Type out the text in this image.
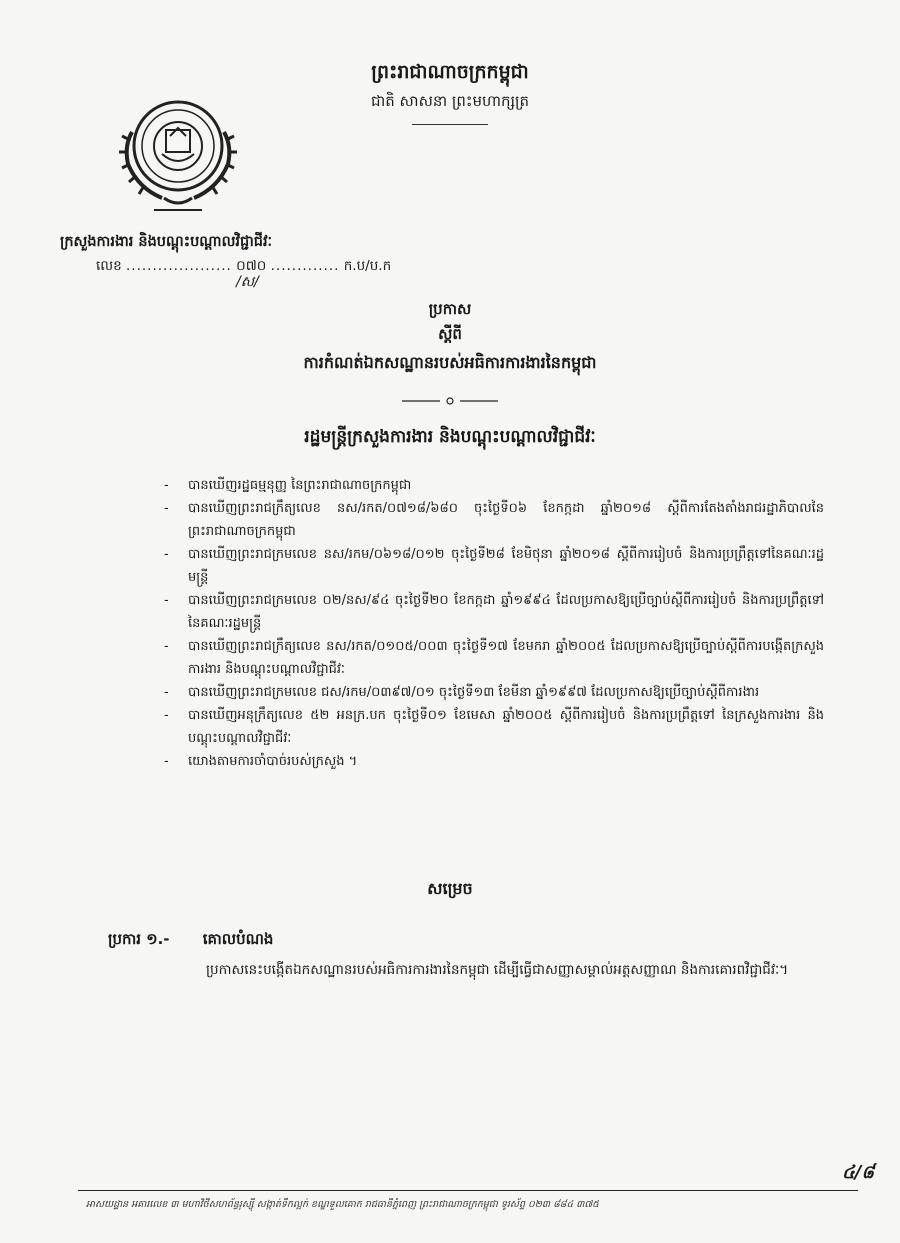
ព្រះរាជាណាចក្រកម្ពុជា
ជាតិ សាសនា ព្រះមហាក្សត្រ
ក្រសួងការងារ និងបណ្តុះបណ្តាលវិជ្ជាជីវៈ
លេខ .................... ០៧០ ............. ក.ប/ប.ក
/ស/
ប្រកាស
ស្តីពី
ការកំណត់ឯកសណ្ឋានរបស់អធិការការងារនៃកម្ពុជា
រដ្ឋមន្ត្រីក្រសួងការងារ និងបណ្តុះបណ្តាលវិជ្ជាជីវៈ
- បានឃើញរដ្ឋធម្មនុញ្ញ នៃព្រះរាជាណាចក្រកម្ពុជា
- បានឃើញព្រះរាជក្រឹត្យលេខ នស/រកត/០៧១៨/៦៨០ ចុះថ្ងៃទី០៦ ខែកក្កដា ឆ្នាំ២០១៨ ស្តីពីការតែងតាំងរាជរដ្ឋាភិបាលនៃព្រះរាជាណាចក្រកម្ពុជា
- បានឃើញព្រះរាជក្រមលេខ នស/រកម/០៦១៨/០១២ ចុះថ្ងៃទី២៨ ខែមិថុនា ឆ្នាំ២០១៨ ស្តីពីការរៀបចំ និងការប្រព្រឹត្តទៅនៃគណៈរដ្ឋមន្ត្រី
- បានឃើញព្រះរាជក្រមលេខ ០២/នស/៩៤ ចុះថ្ងៃទី២០ ខែកក្កដា ឆ្នាំ១៩៩៤ ដែលប្រកាសឱ្យប្រើច្បាប់ស្តីពីការរៀបចំ និងការប្រព្រឹត្តទៅនៃគណៈរដ្ឋមន្ត្រី
- បានឃើញព្រះរាជក្រឹត្យលេខ នស/រកត/០១០៥/០០៣ ចុះថ្ងៃទី១៧ ខែមករា ឆ្នាំ២០០៥ ដែលប្រកាសឱ្យប្រើច្បាប់ស្តីពីការបង្កើតក្រសួងការងារ និងបណ្តុះបណ្តាលវិជ្ជាជីវៈ
- បានឃើញព្រះរាជក្រមលេខ ជស/រកម/០៣៩៧/០១ ចុះថ្ងៃទី១៣ ខែមីនា ឆ្នាំ១៩៩៧ ដែលប្រកាសឱ្យប្រើច្បាប់ស្តីពីការងារ
- បានឃើញអនុក្រឹត្យលេខ ៥២ អនក្រ.បក ចុះថ្ងៃទី០១ ខែមេសា ឆ្នាំ២០០៥ ស្តីពីការរៀបចំ និងការប្រព្រឹត្តទៅ នៃក្រសួងការងារ និងបណ្តុះបណ្តាលវិជ្ជាជីវៈ
- យោងតាមការចាំបាច់របស់ក្រសួង ។
សម្រេច
ប្រការ ១.- គោលបំណង
ប្រកាសនេះបង្កើតឯកសណ្ឋានរបស់អធិការការងារនៃកម្ពុជា ដើម្បីធ្វើជាសញ្ញាសម្គាល់អត្តសញ្ញាណ និងការគោរពវិជ្ជាជីវៈ។
៤/៨
អាសយដ្ឋាន អគារលេខ ៣ មហាវិថីសហព័ន្ធរុស្ស៊ី សង្កាត់ទឹកល្អក់ ខណ្ឌទួលគោក រាជធានីភ្នំពេញ ព្រះរាជាណាចក្រកម្ពុជា ទូរស័ព្ទ ០២៣ ៨៨៤ ៣៧៥
